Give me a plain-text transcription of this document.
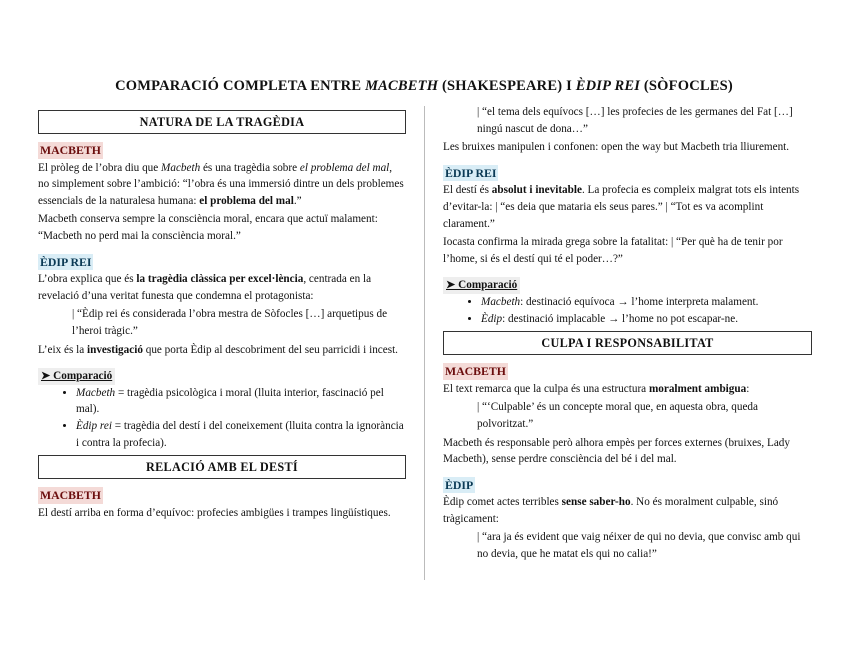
COMPARACIÓ COMPLETA ENTRE MACBETH (SHAKESPEARE) I ÈDIP REI (SÒFOCLES)
NATURA DE LA TRAGÈDIA
MACBETH

El pròleg de l’obra diu que Macbeth és una tragèdia sobre el problema del mal, no simplement sobre l’ambició: “l’obra és una immersió dintre un dels problemes essencials de la naturalesa humana: el problema del mal.”

Macbeth conserva sempre la consciència moral, encara que actuï malament: “Macbeth no perd mai la consciència moral.”

ÈDIP REI

L’obra explica que és la tragèdia clàssica per excel·lència, centrada en la revelació d’una veritat funesta que condemna el protagonista:

| “Èdip rei és considerada l’obra mestra de Sòfocles […] arquetipus de l’heroi tràgic.”

L’eix és la investigació que porta Èdip al descobriment del seu parricidi i incest.

➤ Comparació
• Macbeth = tragèdia psicològica i moral (lluita interior, fascinació pel mal).
• Èdip rei = tragèdia del destí i del coneixement (lluita contra la ignorància i contra la profecia).
RELACIÓ AMB EL DESTÍ
MACBETH

El destí arriba en forma d’equívoc: profecies ambigües i trampes lingüístiques.

| “el tema dels equívocs […] les profecies de les germanes del Fat […] ningú nascut de dona…”

Les bruixes manipulen i confonen: open the way but Macbeth tria lliurement.

ÈDIP REI

El destí és absolut i inevitable. La profecia es compleix malgrat tots els intents d’evitar-la: | “es deia que mataria els seus pares.” | “Tot es va acomplint clarament.”

Iocasta confirma la mirada grega sobre la fatalitat: | “Per què ha de tenir por l’home, si és el destí qui té el poder…?”

➤ Comparació
• Macbeth: destinació equívoca → l’home interpreta malament.
• Èdip: destinació implacable → l’home no pot escapar-ne.
CULPA I RESPONSABILITAT
MACBETH

El text remarca que la culpa és una estructura moralment ambigua:

| “‘Culpable’ és un concepte moral que, en aquesta obra, queda polvoritzat.”

Macbeth és responsable però alhora empès per forces externes (bruixes, Lady Macbeth), sense perdre consciència del bé i del mal.

ÈDIP

Èdip comet actes terribles sense saber-ho. No és moralment culpable, sinó tràgicament:

| “ara ja és evident que vaig néixer de qui no devia, que convisc amb qui no devia, que he matat els qui no calia!”
